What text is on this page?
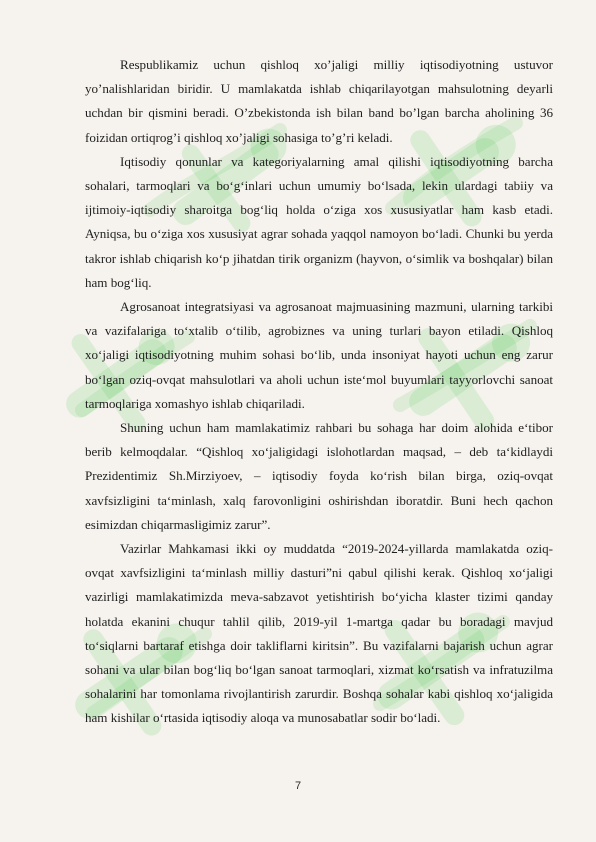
Respublikamiz uchun qishloq xo’jaligi milliy iqtisodiyotning ustuvor yo’nalishlaridan biridir. U mamlakatda ishlab chiqarilayotgan mahsulotning deyarli uchdan bir qismini beradi. O’zbekistonda ish bilan band bo’lgan barcha aholining 36 foizidan ortiqrog’i qishloq xo’jaligi sohasiga to’g’ri keladi.

Iqtisodiy qonunlar va kategoriyalarning amal qilishi iqtisodiyotning barcha sohalari, tarmoqlari va bo‘g‘inlari uchun umumiy bo‘lsada, lekin ulardagi tabiiy va ijtimoiy-iqtisodiy sharoitga bog‘liq holda o‘ziga xos xususiyatlar ham kasb etadi. Ayniqsa, bu o‘ziga xos xususiyat agrar sohada yaqqol namoyon bo‘ladi. Chunki bu yerda takror ishlab chiqarish ko‘p jihatdan tirik organizm (hayvon, o‘simlik va boshqalar) bilan ham bog‘liq.

Agrosanoat integratsiyasi va agrosanoat majmuasining mazmuni, ularning tarkibi va vazifalariga to‘xtalib o‘tilib, agrobiznes va uning turlari bayon etiladi. Qishloq xo‘jaligi iqtisodiyotning muhim sohasi bo‘lib, unda insoniyat hayoti uchun eng zarur bo‘lgan oziq-ovqat mahsulotlari va aholi uchun iste‘mol buyumlari tayyorlovchi sanoat tarmoqlariga xomashyo ishlab chiqariladi.

Shuning uchun ham mamlakatimiz rahbari bu sohaga har doim alohida e‘tibor berib kelmoqdalar. “Qishloq xo‘jaligidagi islohotlardan maqsad, – deb ta‘kidlaydi Prezidentimiz Sh.Mirziyoev, – iqtisodiy foyda ko‘rish bilan birga, oziq-ovqat xavfsizligini ta‘minlash, xalq farovonligini oshirishdan iboratdir. Buni hech qachon esimizdan chiqarmasligimiz zarur”.

Vazirlar Mahkamasi ikki oy muddatda “2019-2024-yillarda mamlakatda oziq-ovqat xavfsizligini ta‘minlash milliy dasturi”ni qabul qilishi kerak. Qishloq xo‘jaligi vazirligi mamlakatimizda meva-sabzavot yetishtirish bo‘yicha klaster tizimi qanday holatda ekanini chuqur tahlil qilib, 2019-yil 1-martga qadar bu boradagi mavjud to‘siqlarni bartaraf etishga doir takliflarni kiritsin”. Bu vazifalarni bajarish uchun agrar sohani va ular bilan bog‘liq bo‘lgan sanoat tarmoqlari, xizmat ko‘rsatish va infratuzilma sohalarini har tomonlama rivojlantirish zarurdir. Boshqa sohalar kabi qishloq xo‘jaligida ham kishilar o‘rtasida iqtisodiy aloqa va munosabatlar sodir bo‘ladi.

7
